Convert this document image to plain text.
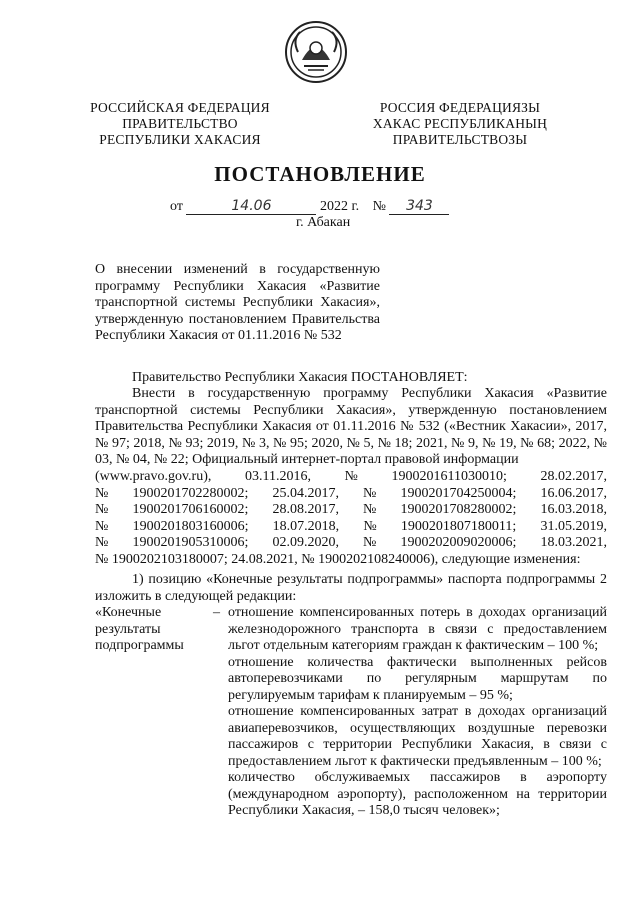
РОССИЙСКАЯ ФЕДЕРАЦИЯ
ПРАВИТЕЛЬСТВО
РЕСПУБЛИКИ ХАКАСИЯ
РОССИЯ ФЕДЕРАЦИЯЗЫ
ХАКАС РЕСПУБЛИКАНЫҢ
ПРАВИТЕЛЬСТВОЗЫ
ПОСТАНОВЛЕНИЕ
от	14.06	2022 г. № 343
г. Абакан
О внесении изменений в государственную программу Республики Хакасия «Развитие транспортной системы Республики Хакасия», утвержденную постановлением Правительства Республики Хакасия от 01.11.2016 № 532
Правительство Республики Хакасия ПОСТАНОВЛЯЕТ:
Внести в государственную программу Республики Хакасия «Развитие транспортной системы Республики Хакасия», утвержденную постановлением Правительства Республики Хакасия от 01.11.2016 № 532 («Вестник Хакасии», 2017, № 97; 2018, № 93; 2019, № 3, № 95; 2020, № 5, № 18; 2021, № 9, № 19, № 68; 2022, № 03, № 04, № 22; Официальный интернет-портал правовой информации
(www.pravo.gov.ru), 03.11.2016, № 1900201611030010; 28.02.2017,
№ 1900201702280002; 25.04.2017, № 1900201704250004; 16.06.2017,
№ 1900201706160002; 28.08.2017, № 1900201708280002; 16.03.2018,
№ 1900201803160006; 18.07.2018, № 1900201807180011; 31.05.2019,
№ 1900201905310006; 02.09.2020, № 1900202009020006; 18.03.2021,
№ 1900202103180007; 24.08.2021, № 1900202108240006), следующие изменения:
1) позицию «Конечные результаты подпрограммы» паспорта подпрограммы 2 изложить в следующей редакции:
«Конечные результаты подпрограммы
– отношение компенсированных потерь в доходах организаций железнодорожного транспорта в связи с предоставлением льгот отдельным категориям граждан к фактическим – 100 %;
отношение количества фактически выполненных рейсов автоперевозчиками по регулярным маршрутам по регулируемым тарифам к планируемым – 95 %;
отношение компенсированных затрат в доходах организаций авиаперевозчиков, осуществляющих воздушные перевозки пассажиров с территории Республики Хакасия, в связи с предоставлением льгот к фактически предъявленным – 100 %;
количество обслуживаемых пассажиров в аэропорту (международном аэропорту), расположенном на территории Республики Хакасия, – 158,0 тысяч человек»;
